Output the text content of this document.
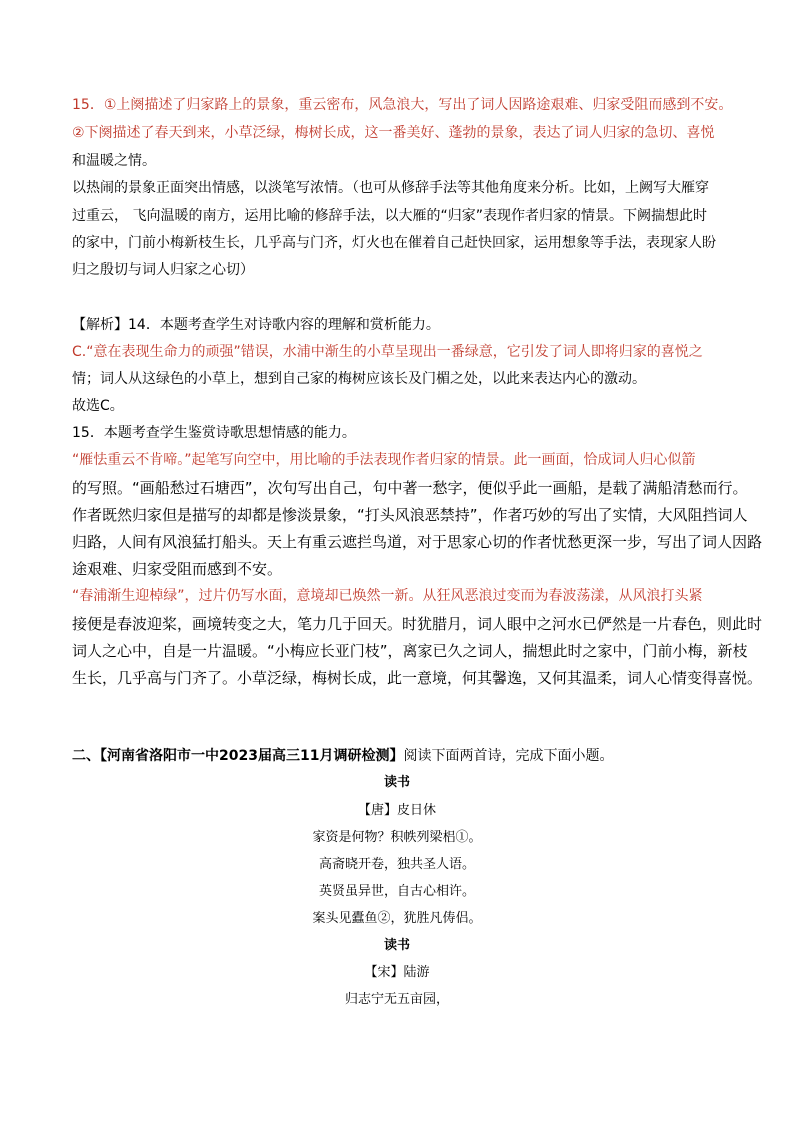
15．①上阕描述了归家路上的景象，重云密布，风急浪大，写出了词人因路途艰难、归家受阻而感到不安。
②下阕描述了春天到来，小草泛绿，梅树长成，这一番美好、蓬勃的景象，表达了词人归家的急切、喜悦
和温暖之情。
以热闹的景象正面突出情感，以淡笔写浓情。（也可从修辞手法等其他角度来分析。比如，上阙写大雁穿
过重云， 飞向温暖的南方，运用比喻的修辞手法，以大雁的“归家”表现作者归家的情景。下阙揣想此时
的家中，门前小梅新枝生长，几乎高与门齐，灯火也在催着自己赶快回家，运用想象等手法，表现家人盼
归之殷切与词人归家之心切）
【解析】14．本题考查学生对诗歌内容的理解和赏析能力。
C.“意在表现生命力的顽强”错误，水浦中渐生的小草呈现出一番绿意，它引发了词人即将归家的喜悦之
情；词人从这绿色的小草上，想到自己家的梅树应该长及门楣之处，以此来表达内心的激动。
故选C。
15．本题考查学生鉴赏诗歌思想情感的能力。
“雁怯重云不肯啼。”起笔写向空中，用比喻的手法表现作者归家的情景。此一画面，恰成词人归心似箭
的写照。“画船愁过石塘西”，次句写出自己，句中著一愁字，便似乎此一画船，是载了满船清愁而行。
作者既然归家但是描写的却都是惨淡景象，“打头风浪恶禁持”，作者巧妙的写出了实情，大风阻挡词人
归路，人间有风浪猛打船头。天上有重云遮拦鸟道，对于思家心切的作者忧愁更深一步，写出了词人因路
途艰难、归家受阻而感到不安。
“春浦渐生迎棹绿”，过片仍写水面，意境却已焕然一新。从狂风恶浪过变而为春波荡漾，从风浪打头紧
接便是春波迎桨，画境转变之大，笔力几于回天。时犹腊月，词人眼中之河水已俨然是一片春色，则此时
词人之心中，自是一片温暖。“小梅应长亚门枝”，离家已久之词人，揣想此时之家中，门前小梅，新枝
生长，几乎高与门齐了。小草泛绿，梅树长成，此一意境，何其馨逸，又何其温柔，词人心情变得喜悦。
二、【河南省洛阳市一中2023届高三11月调研检测】阅读下面两首诗，完成下面小题。
读书
【唐】皮日休
家资是何物？积帙列梁梠①。
高斋晓开卷，独共圣人语。
英贤虽异世，自古心相许。
案头见蠹鱼②，犹胜凡俦侣。
读书
【宋】陆游
归志宁无五亩园，
